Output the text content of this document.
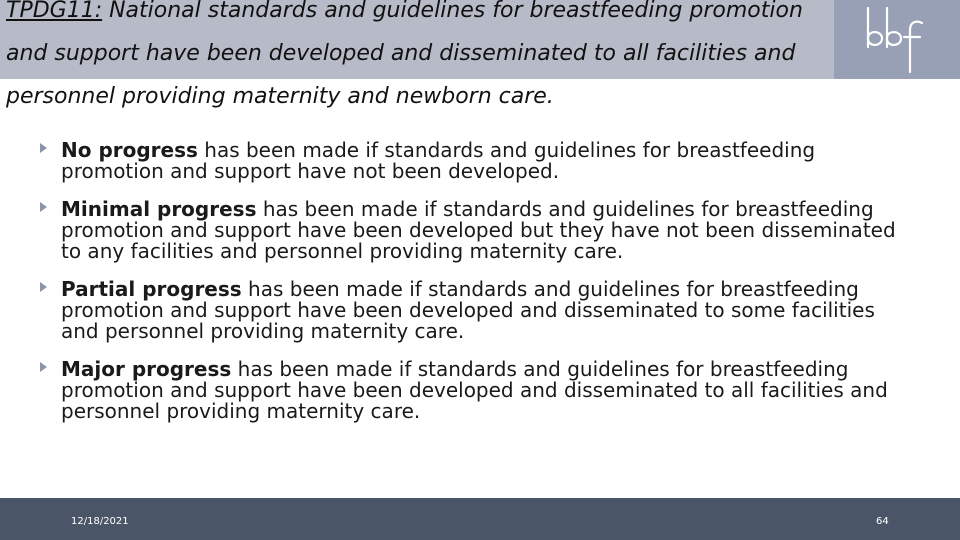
TPDG11: National standards and guidelines for breastfeeding promotion and support have been developed and disseminated to all facilities and personnel providing maternity and newborn care.
No progress has been made if standards and guidelines for breastfeeding promotion and support have not been developed.
Minimal progress has been made if standards and guidelines for breastfeeding promotion and support have been developed but they have not been disseminated to any facilities and personnel providing maternity care.
Partial progress has been made if standards and guidelines for breastfeeding promotion and support have been developed and disseminated to some facilities and personnel providing maternity care.
Major progress has been made if standards and guidelines for breastfeeding promotion and support have been developed and disseminated to all facilities and personnel providing maternity care.
12/18/2021	64
